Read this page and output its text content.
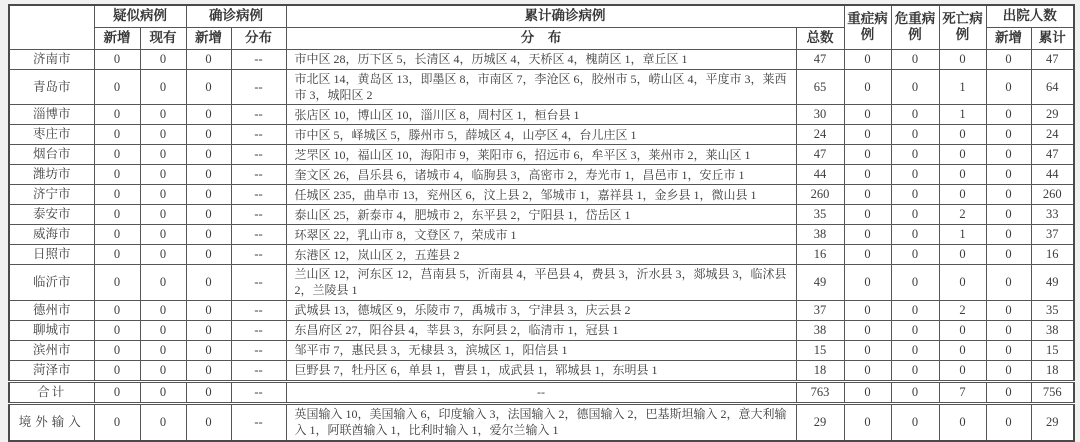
	疑似病例		确诊病例		累计确诊病例		重症病例	危重病例	死亡病例	出院人数	
	新增	现有	新增	分布	分　布	总数				新增	累计
济南市	0	0	0	--	市中区 28，历下区 5，长清区 4，历城区 4，天桥区 4，槐荫区 1，章丘区 1	47	0	0	0	0	47
青岛市	0	0	0	--	市北区 14，黄岛区 13，即墨区 8，市南区 7，李沧区 6，胶州市 5，崂山区 4，平度市 3，莱西市 3，城阳区 2	65	0	0	1	0	64
淄博市	0	0	0	--	张店区 10，博山区 10，淄川区 8，周村区 1，桓台县 1	30	0	0	1	0	29
枣庄市	0	0	0	--	市中区 5，峄城区 5，滕州市 5，薛城区 4，山亭区 4，台儿庄区 1	24	0	0	0	0	24
烟台市	0	0	0	--	芝罘区 10，福山区 10，海阳市 9，莱阳市 6，招远市 6，牟平区 3，莱州市 2，莱山区 1	47	0	0	0	0	47
潍坊市	0	0	0	--	奎文区 26，昌乐县 6，诸城市 4，临朐县 3，高密市 2，寿光市 1，昌邑市 1，安丘市 1	44	0	0	0	0	44
济宁市	0	0	0	--	任城区 235，曲阜市 13，兖州区 6，汶上县 2，邹城市 1，嘉祥县 1，金乡县 1，微山县 1	260	0	0	0	0	260
泰安市	0	0	0	--	泰山区 25，新泰市 4，肥城市 2，东平县 2，宁阳县 1，岱岳区 1	35	0	0	2	0	33
威海市	0	0	0	--	环翠区 22，乳山市 8，文登区 7，荣成市 1	38	0	0	1	0	37
日照市	0	0	0	--	东港区 12，岚山区 2，五莲县 2	16	0	0	0	0	16
临沂市	0	0	0	--	兰山区 12，河东区 12，莒南县 5，沂南县 4，平邑县 4，费县 3，沂水县 3，郯城县 3，临沭县 2，兰陵县 1	49	0	0	0	0	49
德州市	0	0	0	--	武城县 13，德城区 9，乐陵市 7，禹城市 3，宁津县 3，庆云县 2	37	0	0	2	0	35
聊城市	0	0	0	--	东昌府区 27，阳谷县 4，莘县 3，东阿县 2，临清市 1，冠县 1	38	0	0	0	0	38
滨州市	0	0	0	--	邹平市 7，惠民县 3，无棣县 3，滨城区 1，阳信县 1	15	0	0	0	0	15
菏泽市	0	0	0	--	巨野县 7，牡丹区 6，单县 1，曹县 1，成武县 1，郓城县 1，东明县 1	18	0	0	0	0	18
合计	0	0	0	--	--	763	0	0	7	0	756
境外输入	0	0	0	--	英国输入 10，美国输入 6，印度输入 3，法国输入 2，德国输入 2，巴基斯坦输入 2，意大利输入 1，阿联酋输入 1，比利时输入 1，爱尔兰输入 1	29	0	0	0	0	29
